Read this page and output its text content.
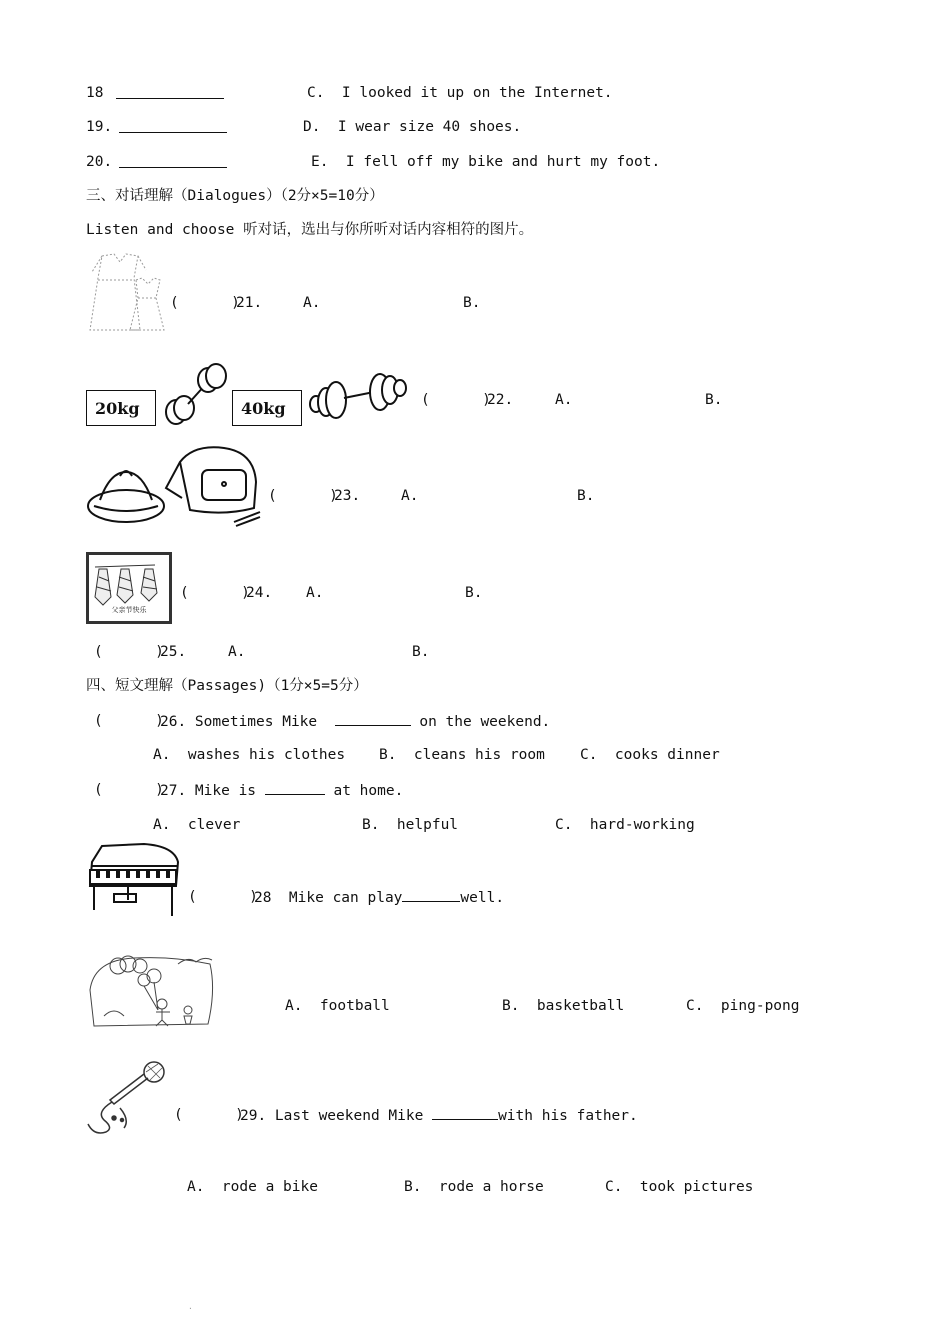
18	C.  I looked it up on the Internet.
19.	D.  I wear size 40 shoes.
20.	E.  I fell off my bike and hurt my foot.
三、对话理解（Dialogues）（2分×5=10分）
Listen and choose 听对话，选出与你所听对话内容相符的图片。
(      )
21.	A.	B.
20kg	40kg	(      )
22.	A.	B.
(      )
23.	A.	B.
父亲节快乐
(      )
24. A.	B.
(      )
25.	A.	B.
四、短文理解（Passages)（1分×5=5分）
(      )
26. Sometimes Mike	on the weekend.
A.  washes his clothes B.  cleans his room C.  cooks dinner
(      )
27. Mike is	at home.
A.  clever	B.  helpful	C.  hard-working
(      )
28  Mike can play	well.
A.  football	B.  basketball	C.  ping-pong
(      )
29. Last weekend Mike	with his father.
A.  rode a bike	B.  rode a horse	C.  took pictures
·
